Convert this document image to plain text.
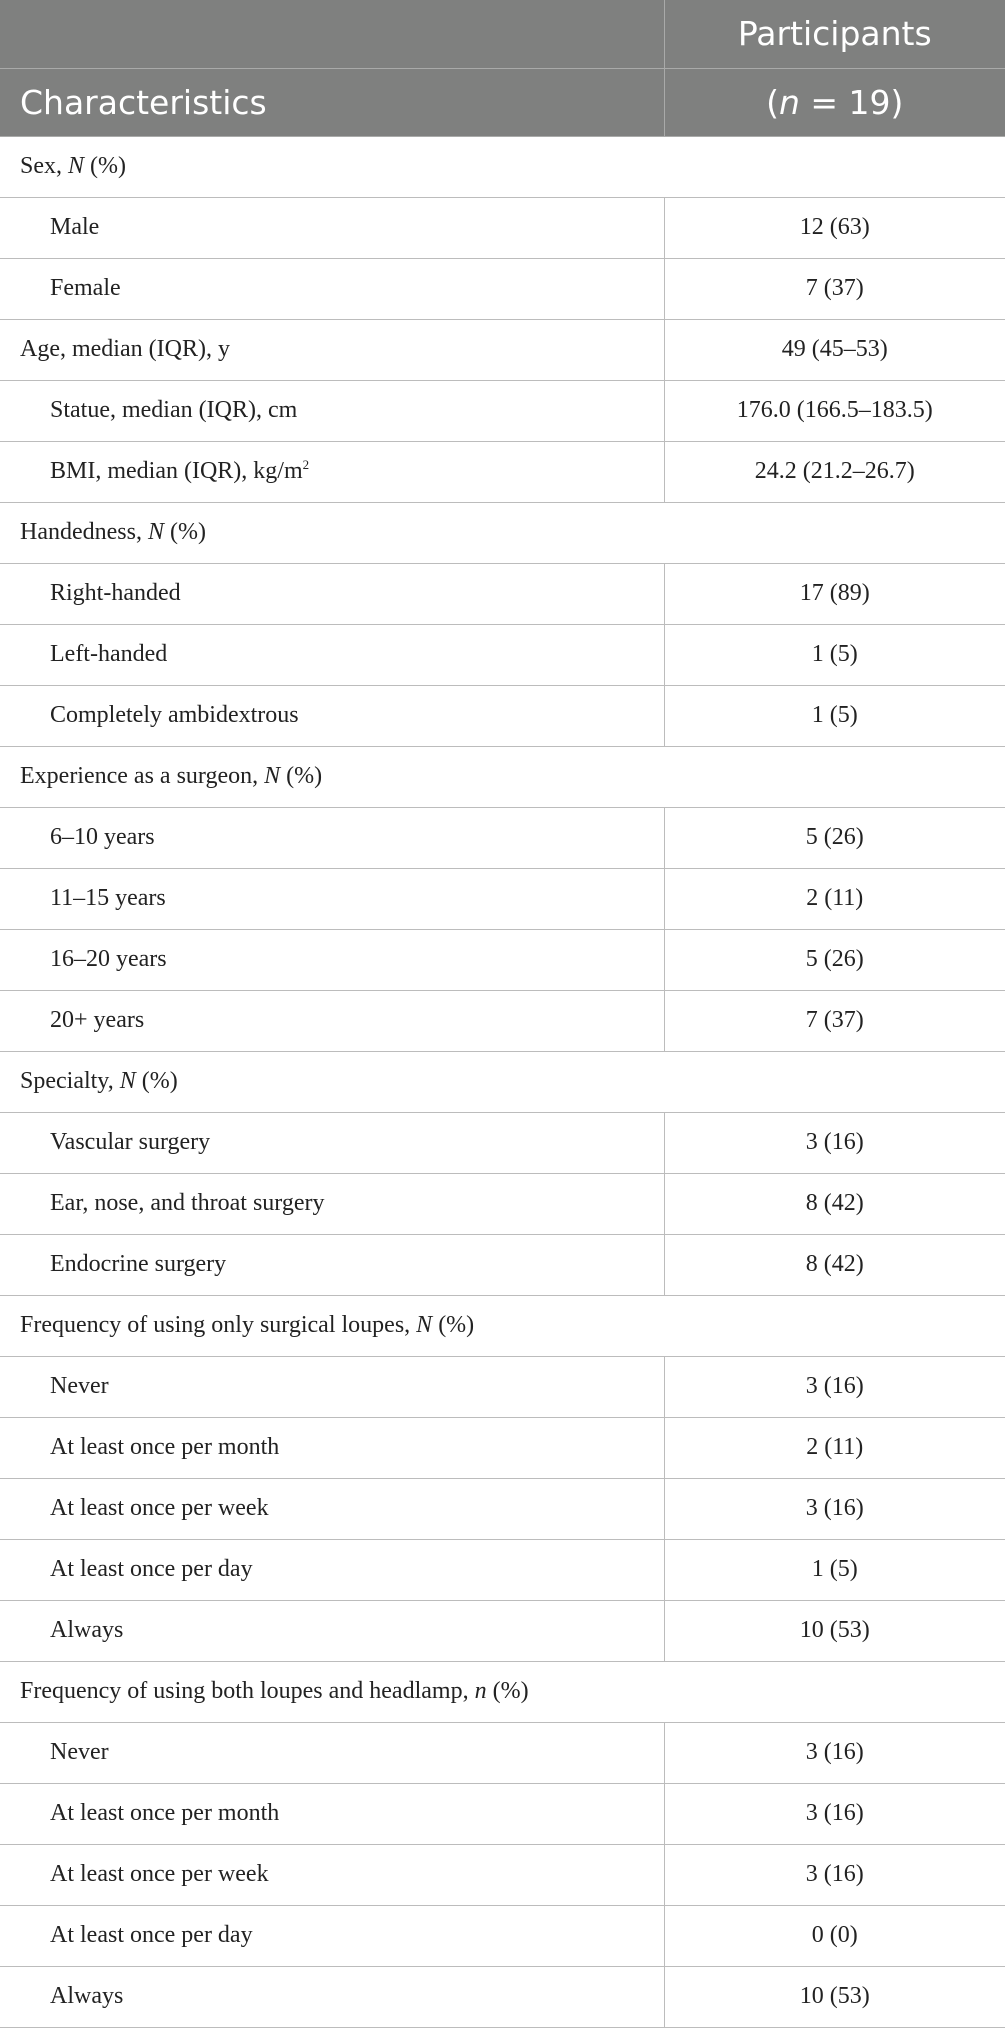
	Participants
Characteristics	(n = 19)
Sex, N (%)	
Male	12 (63)
Female	7 (37)
Age, median (IQR), y	49 (45–53)
Statue, median (IQR), cm	176.0 (166.5–183.5)
BMI, median (IQR), $kg/m^2$	24.2 (21.2–26.7)
Handedness, N (%)	
Right-handed	17 (89)
Left-handed	1 (5)
Completely ambidextrous	1 (5)
Experience as a surgeon, N (%)	
6–10 years	5 (26)
11–15 years	2 (11)
16–20 years	5 (26)
20+ years	7 (37)
Specialty, N (%)	
Vascular surgery	3 (16)
Ear, nose, and throat surgery	8 (42)
Endocrine surgery	8 (42)
Frequency of using only surgical loupes, N (%)	
Never	3 (16)
At least once per month	2 (11)
At least once per week	3 (16)
At least once per day	1 (5)
Always	10 (53)
Frequency of using both loupes and headlamp, n (%)	
Never	3 (16)
At least once per month	3 (16)
At least once per week	3 (16)
At least once per day	0 (0)
Always	10 (53)
